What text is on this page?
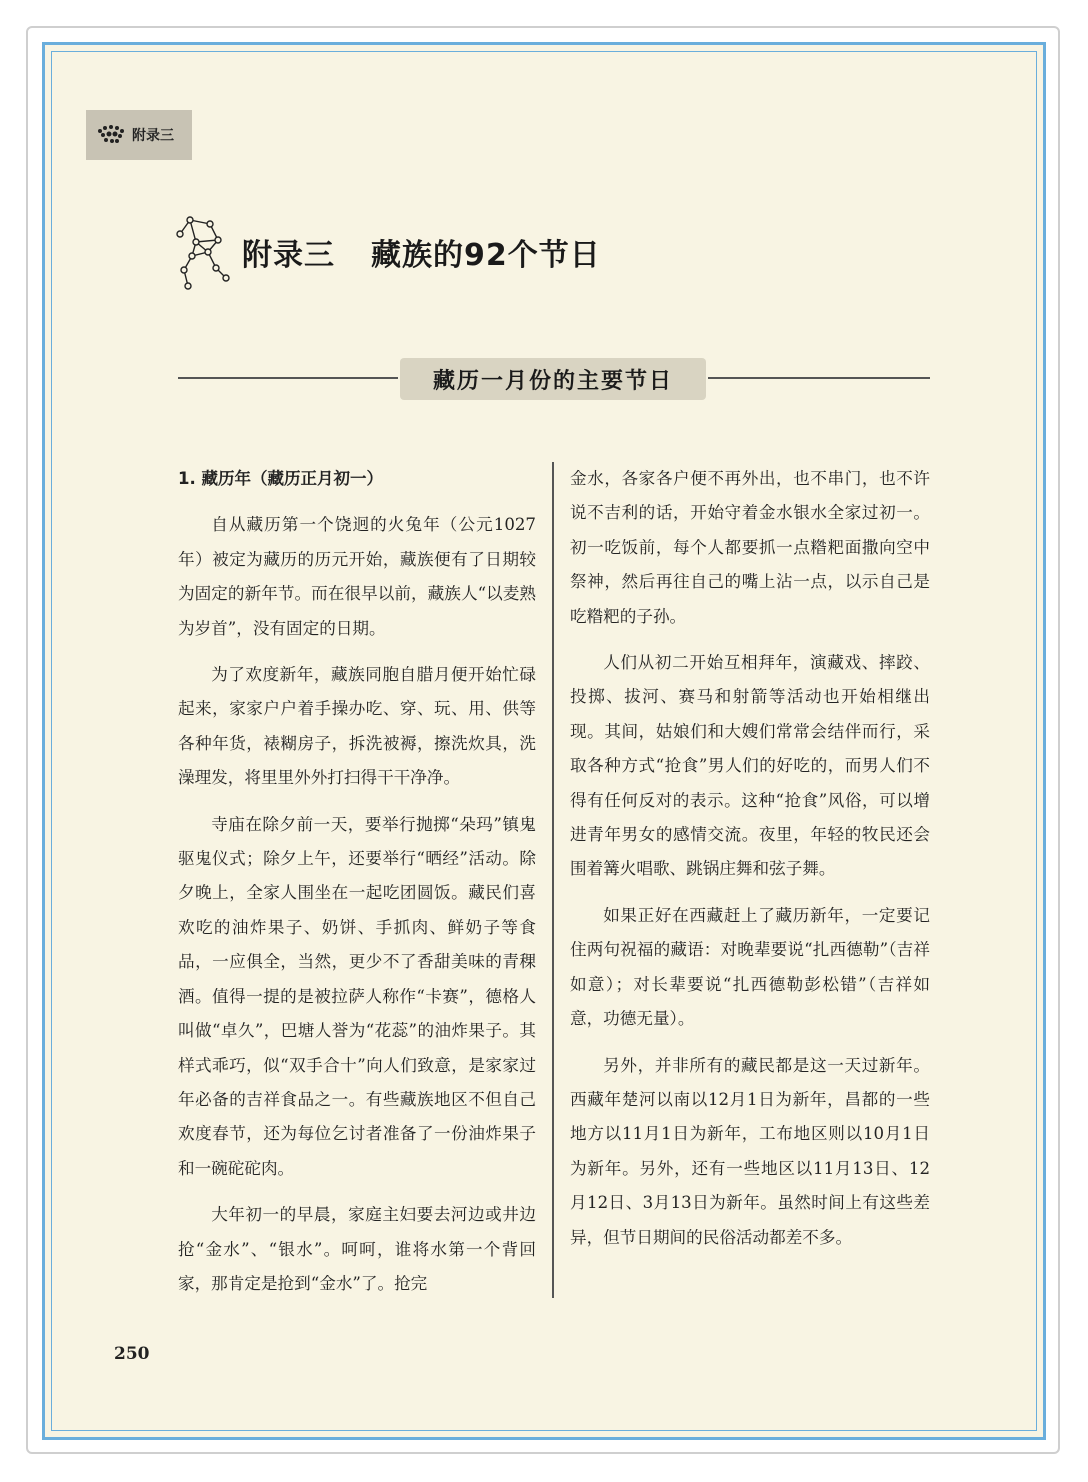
附录三
附录三 藏族的92个节日
藏历一月份的主要节日

1. 藏历年（藏历正月初一）

自从藏历第一个饶迥的火兔年（公元1027年）被定为藏历的历元开始，藏族便有了日期较为固定的新年节。而在很早以前，藏族人“以麦熟为岁首”，没有固定的日期。

为了欢度新年，藏族同胞自腊月便开始忙碌起来，家家户户着手操办吃、穿、玩、用、供等各种年货，裱糊房子，拆洗被褥，擦洗炊具，洗澡理发，将里里外外打扫得干干净净。

寺庙在除夕前一天，要举行抛掷“朵玛”镇鬼驱鬼仪式；除夕上午，还要举行“晒经”活动。除夕晚上，全家人围坐在一起吃团圆饭。藏民们喜欢吃的油炸果子、奶饼、手抓肉、鲜奶子等食品，一应俱全，当然，更少不了香甜美味的青稞酒。值得一提的是被拉萨人称作“卡赛”，德格人叫做“卓久”，巴塘人誉为“花蕊”的油炸果子。其样式乖巧，似“双手合十”向人们致意，是家家过年必备的吉祥食品之一。有些藏族地区不但自己欢度春节，还为每位乞讨者准备了一份油炸果子和一碗砣砣肉。

大年初一的早晨，家庭主妇要去河边或井边抢“金水”、“银水”。呵呵，谁将水第一个背回家，那肯定是抢到“金水”了。抢完

金水，各家各户便不再外出，也不串门，也不许说不吉利的话，开始守着金水银水全家过初一。初一吃饭前，每个人都要抓一点糌粑面撒向空中祭神，然后再往自己的嘴上沾一点，以示自己是吃糌粑的子孙。

人们从初二开始互相拜年，演藏戏、摔跤、投掷、拔河、赛马和射箭等活动也开始相继出现。其间，姑娘们和大嫂们常常会结伴而行，采取各种方式“抢食”男人们的好吃的，而男人们不得有任何反对的表示。这种“抢食”风俗，可以增进青年男女的感情交流。夜里，年轻的牧民还会围着篝火唱歌、跳锅庄舞和弦子舞。

如果正好在西藏赶上了藏历新年，一定要记住两句祝福的藏语：对晚辈要说“扎西德勒”（吉祥如意）；对长辈要说“扎西德勒彭松错”（吉祥如意，功德无量）。

另外，并非所有的藏民都是这一天过新年。西藏年楚河以南以12月1日为新年，昌都的一些地方以11月1日为新年，工布地区则以10月1日为新年。另外，还有一些地区以11月13日、12月12日、3月13日为新年。虽然时间上有这些差异，但节日期间的民俗活动都差不多。

250
